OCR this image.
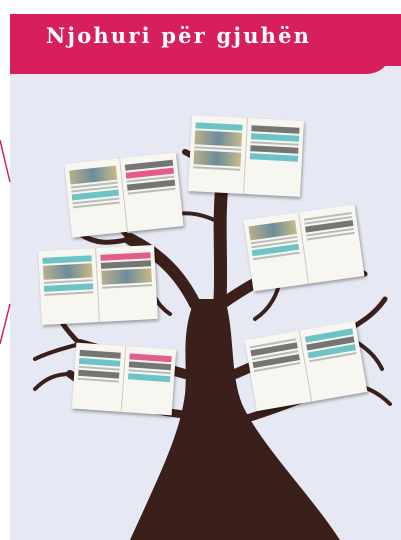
Njohuri për gjuhën
